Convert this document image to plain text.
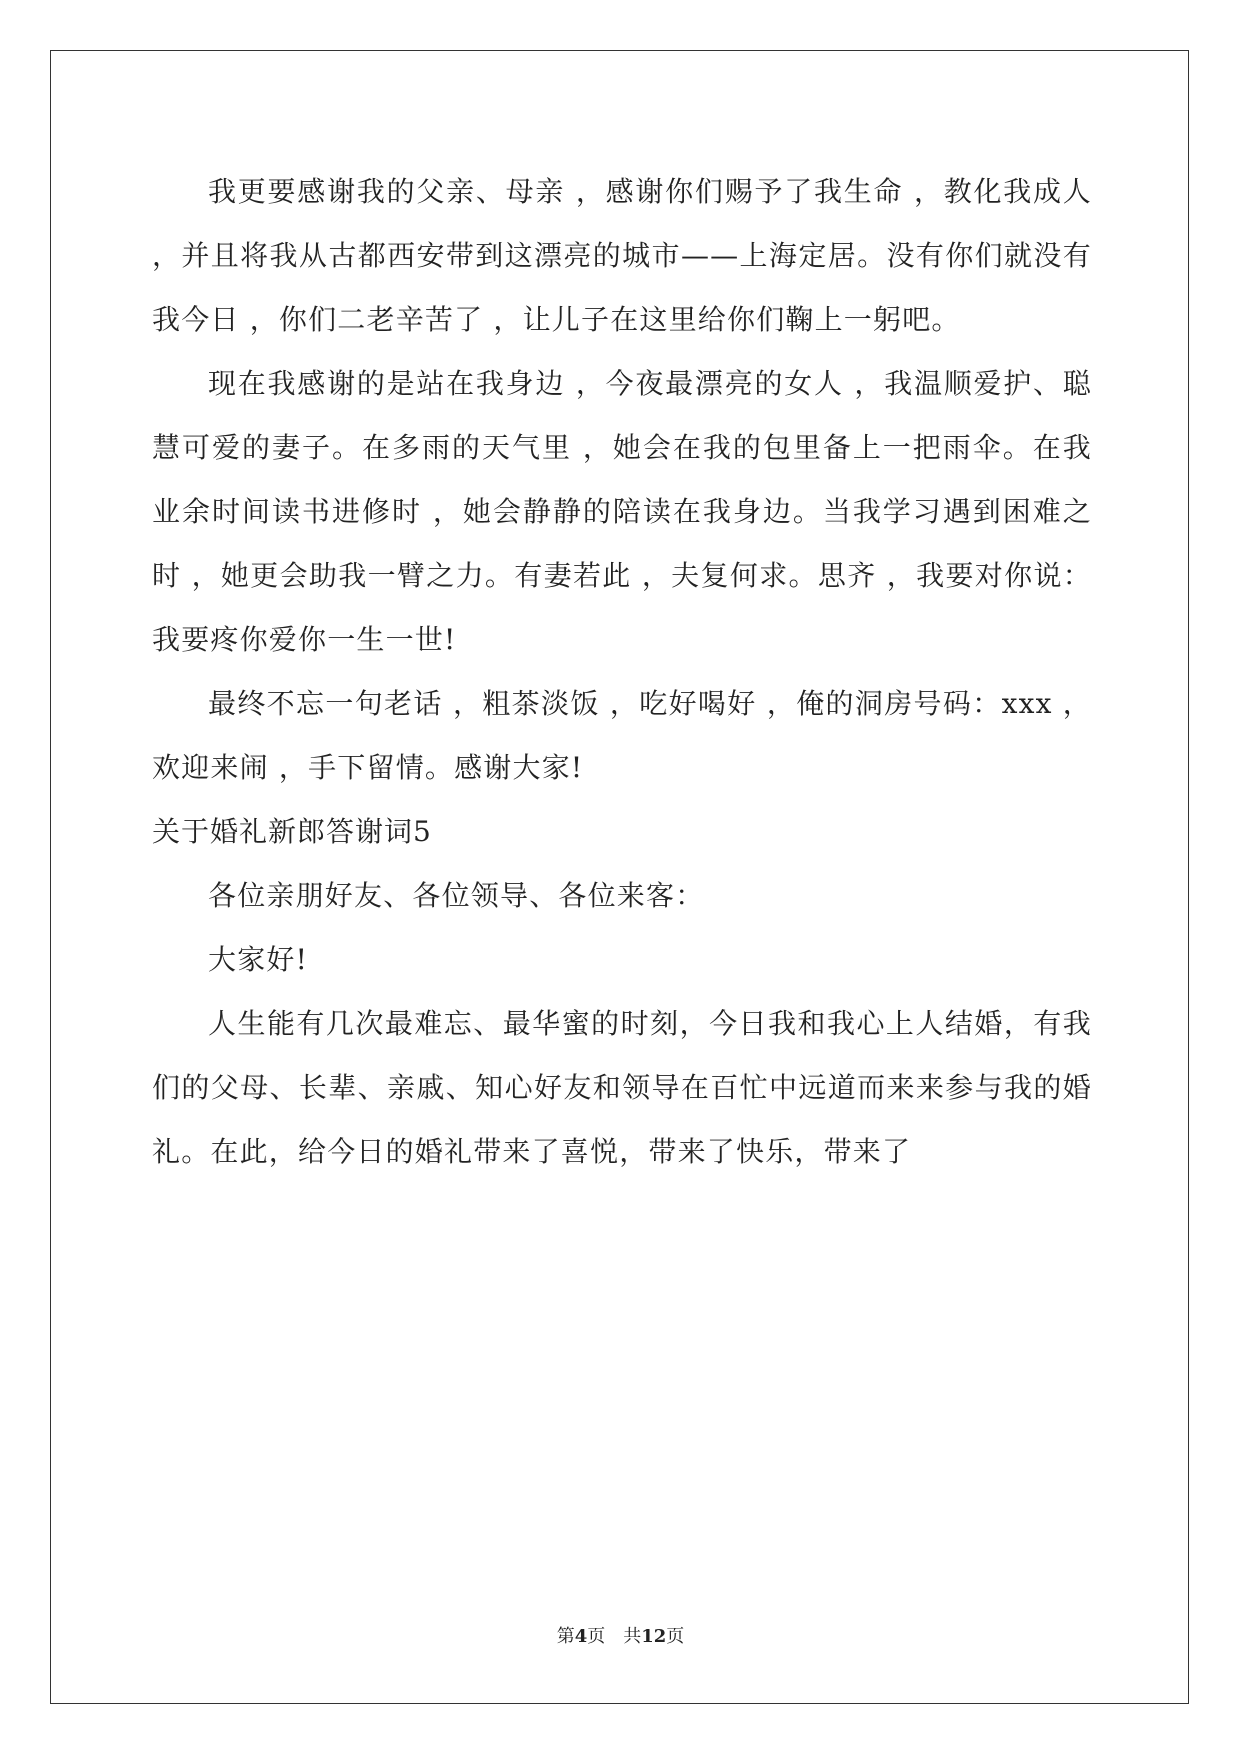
我更要感谢我的父亲、母亲 ，感谢你们赐予了我生命 ，教化我成人 ，并且将我从古都西安带到这漂亮的城市——上海定居。没有你们就没有我今日 ，你们二老辛苦了 ，让儿子在这里给你们鞠上一躬吧。

现在我感谢的是站在我身边 ，今夜最漂亮的女人 ，我温顺爱护、聪慧可爱的妻子。在多雨的天气里 ，她会在我的包里备上一把雨伞。在我业余时间读书进修时 ，她会静静的陪读在我身边。当我学习遇到困难之时 ，她更会助我一臂之力。有妻若此 ，夫复何求。思齐 ，我要对你说：我要疼你爱你一生一世!

最终不忘一句老话 ，粗茶淡饭 ，吃好喝好 ，俺的洞房号码：xxx ，欢迎来闹 ，手下留情。感谢大家!

关于婚礼新郎答谢词5

各位亲朋好友、各位领导、各位来客：

大家好!

人生能有几次最难忘、最华蜜的时刻，今日我和我心上人结婚，有我们的父母、长辈、亲戚、知心好友和领导在百忙中远道而来来参与我的婚礼。在此，给今日的婚礼带来了喜悦，带来了快乐，带来了

第4页 共12页
